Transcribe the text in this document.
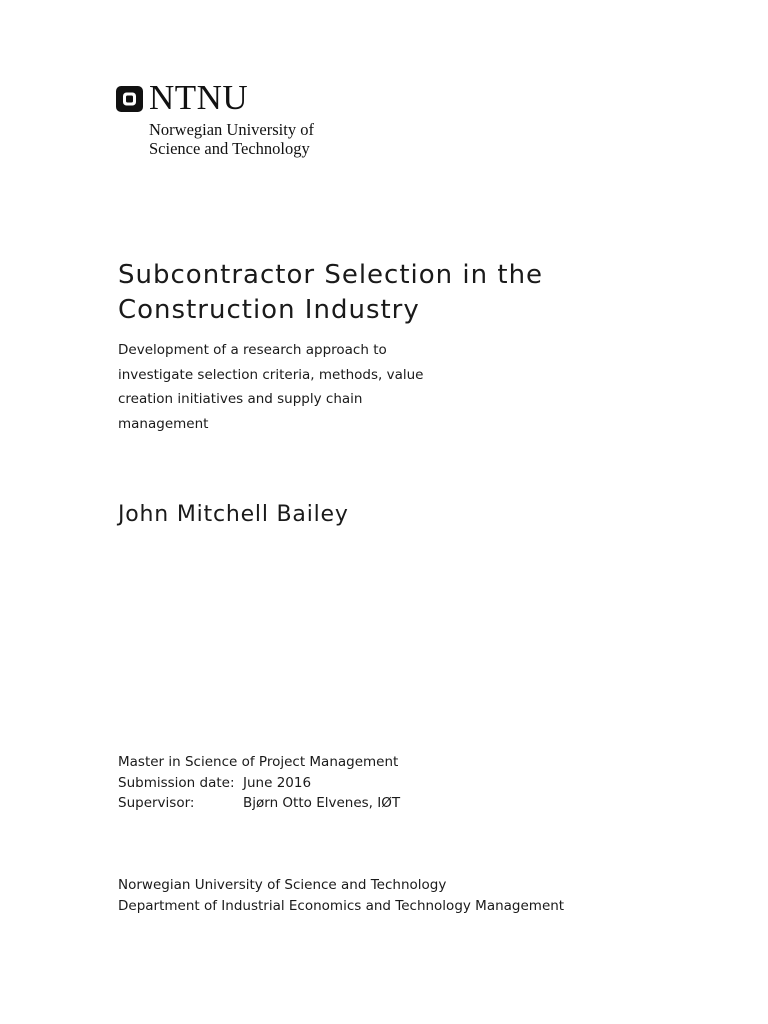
NTNU
Norwegian University of
Science and Technology
Subcontractor Selection in the Construction Industry

Development of a research approach to investigate selection criteria, methods, value creation initiatives and supply chain management

John Mitchell Bailey
Master in Science of Project Management
Submission date: June 2016
Supervisor:	Bjørn Otto Elvenes, IØT
Norwegian University of Science and Technology
Department of Industrial Economics and Technology Management
